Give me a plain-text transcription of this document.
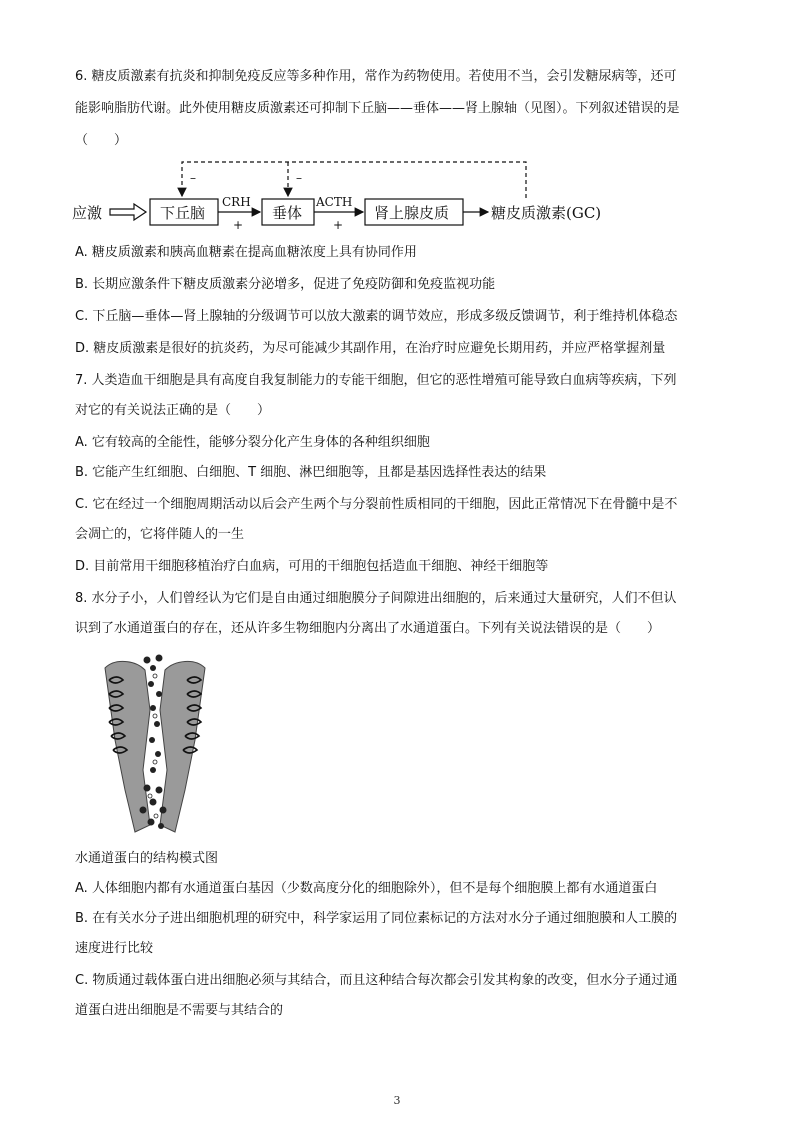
6. 糖皮质激素有抗炎和抑制免疫反应等多种作用，常作为药物使用。若使用不当，会引发糖尿病等，还可
能影响脂肪代谢。此外使用糖皮质激素还可抑制下丘脑——垂体——肾上腺轴（见图）。下列叙述错误的是
（　　）
应激	下丘脑
CRH
+
垂体
ACTH
+
肾上腺皮质	糖皮质激素(GC)
–	–
A. 糖皮质激素和胰高血糖素在提高血糖浓度上具有协同作用
B. 长期应激条件下糖皮质激素分泌增多，促进了免疫防御和免疫监视功能
C. 下丘脑—垂体—肾上腺轴的分级调节可以放大激素的调节效应，形成多级反馈调节，利于维持机体稳态
D. 糖皮质激素是很好的抗炎药，为尽可能减少其副作用，在治疗时应避免长期用药，并应严格掌握剂量
7. 人类造血干细胞是具有高度自我复制能力的专能干细胞，但它的恶性增殖可能导致白血病等疾病，下列
对它的有关说法正确的是（　　）
A. 它有较高的全能性，能够分裂分化产生身体的各种组织细胞
B. 它能产生红细胞、白细胞、T 细胞、淋巴细胞等，且都是基因选择性表达的结果
C. 它在经过一个细胞周期活动以后会产生两个与分裂前性质相同的干细胞，因此正常情况下在骨髓中是不
会凋亡的，它将伴随人的一生
D. 目前常用干细胞移植治疗白血病，可用的干细胞包括造血干细胞、神经干细胞等
8. 水分子小，人们曾经认为它们是自由通过细胞膜分子间隙进出细胞的，后来通过大量研究，人们不但认
识到了水通道蛋白的存在，还从许多生物细胞内分离出了水通道蛋白。下列有关说法错误的是（　　）
水通道蛋白的结构模式图
A. 人体细胞内都有水通道蛋白基因（少数高度分化的细胞除外），但不是每个细胞膜上都有水通道蛋白
B. 在有关水分子进出细胞机理的研究中，科学家运用了同位素标记的方法对水分子通过细胞膜和人工膜的
速度进行比较
C. 物质通过载体蛋白进出细胞必须与其结合，而且这种结合每次都会引发其构象的改变，但水分子通过通
道蛋白进出细胞是不需要与其结合的
3
